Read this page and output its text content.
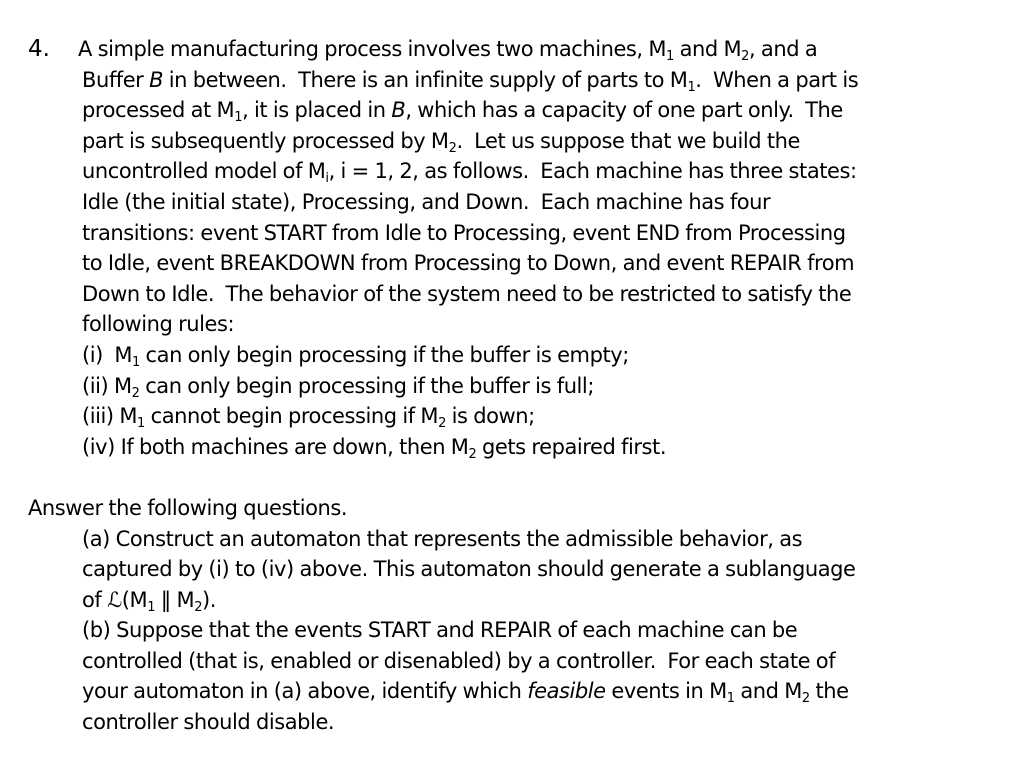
4.	A simple manufacturing process involves two machines, $M_1$ and $M_2$, and a
Buffer B in between.  There is an infinite supply of parts to $M_1$.  When a part is
processed at $M_1$, it is placed in B, which has a capacity of one part only.  The
part is subsequently processed by $M_2$.  Let us suppose that we build the
uncontrolled model of $M_i$, i = 1, 2, as follows.  Each machine has three states:
Idle (the initial state), Processing, and Down.  Each machine has four
transitions: event START from Idle to Processing, event END from Processing
to Idle, event BREAKDOWN from Processing to Down, and event REPAIR from
Down to Idle.  The behavior of the system need to be restricted to satisfy the
following rules:
(i)  $M_1$ can only begin processing if the buffer is empty;
(ii) $M_2$ can only begin processing if the buffer is full;
(iii) $M_1$ cannot begin processing if $M_2$ is down;
(iv) If both machines are down, then $M_2$ gets repaired first.
Answer the following questions.
(a) Construct an automaton that represents the admissible behavior, as
captured by (i) to (iv) above. This automaton should generate a sublanguage
of $ℒ(M_1$ ‖ $M_2$).
(b) Suppose that the events START and REPAIR of each machine can be
controlled (that is, enabled or disenabled) by a controller.  For each state of
your automaton in (a) above, identify which feasible events in $M_1$ and $M_2$ the
controller should disable.
